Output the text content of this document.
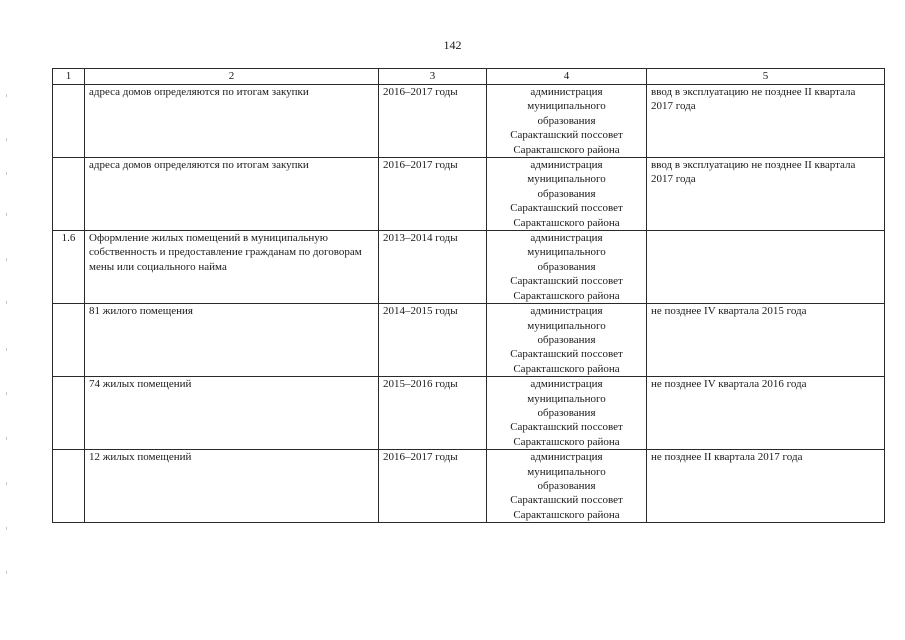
142
1	2	3	4	5
	адреса домов определяются по итогам закупки	2016–2017 годы	администрация
муниципального
образования
Саракташский поссовет
Саракташского района	ввод в эксплуатацию не позднее II квартала 2017 года
	адреса домов определяются по итогам закупки	2016–2017 годы	администрация
муниципального
образования
Саракташский поссовет
Саракташского района	ввод в эксплуатацию не позднее II квартала 2017 года
1.6	Оформление жилых помещений в муниципальную собственность и предоставление гражданам по договорам мены или социального найма	2013–2014 годы	администрация
муниципального
образования
Саракташский поссовет
Саракташского района	

	81 жилого помещения	2014–2015 годы	администрация
муниципального
образования
Саракташский поссовет
Саракташского района	не позднее IV квартала 2015 года
	74 жилых помещений	2015–2016 годы	администрация
муниципального
образования
Саракташский поссовет
Саракташского района	не позднее IV квартала 2016 года
	12 жилых помещений	2016–2017 годы	администрация
муниципального
образования
Саракташский поссовет
Саракташского района	не позднее II квартала 2017 года
